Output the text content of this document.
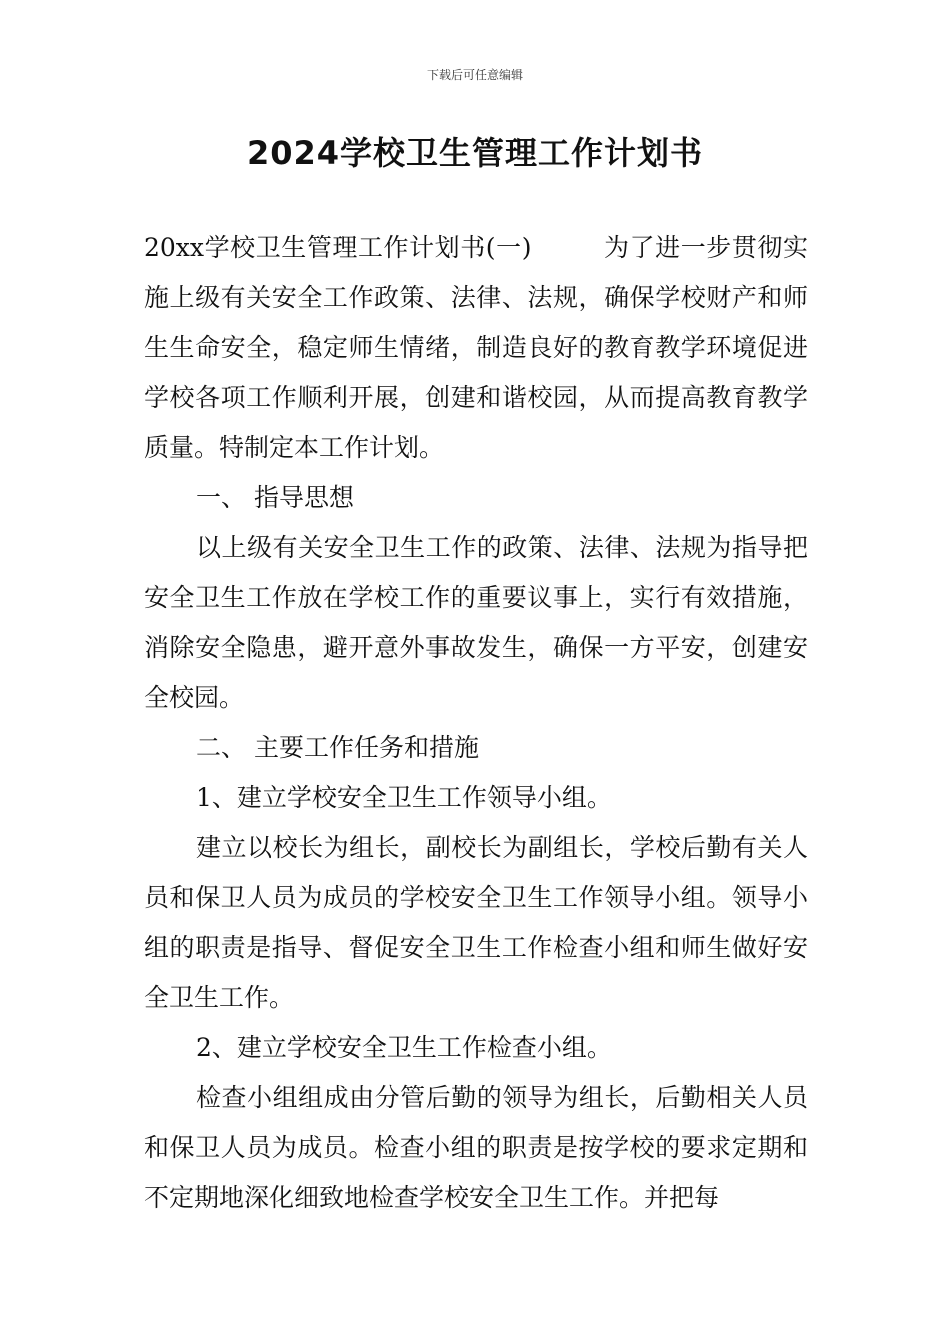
下载后可任意编辑
2024学校卫生管理工作计划书

20xx学校卫生管理工作计划书(一)	为了进一步贯彻实施上级有关安全工作政策、法律、法规，确保学校财产和师生生命安全，稳定师生情绪，制造良好的教育教学环境促进学校各项工作顺利开展，创建和谐校园，从而提高教育教学质量。特制定本工作计划。

一、 指导思想

以上级有关安全卫生工作的政策、法律、法规为指导把安全卫生工作放在学校工作的重要议事上，实行有效措施，消除安全隐患，避开意外事故发生，确保一方平安，创建安全校园。

二、 主要工作任务和措施

1、建立学校安全卫生工作领导小组。

建立以校长为组长，副校长为副组长，学校后勤有关人员和保卫人员为成员的学校安全卫生工作领导小组。领导小组的职责是指导、督促安全卫生工作检查小组和师生做好安全卫生工作。

2、建立学校安全卫生工作检查小组。

检查小组组成由分管后勤的领导为组长，后勤相关人员和保卫人员为成员。检查小组的职责是按学校的要求定期和不定期地深化细致地检查学校安全卫生工作。并把每
